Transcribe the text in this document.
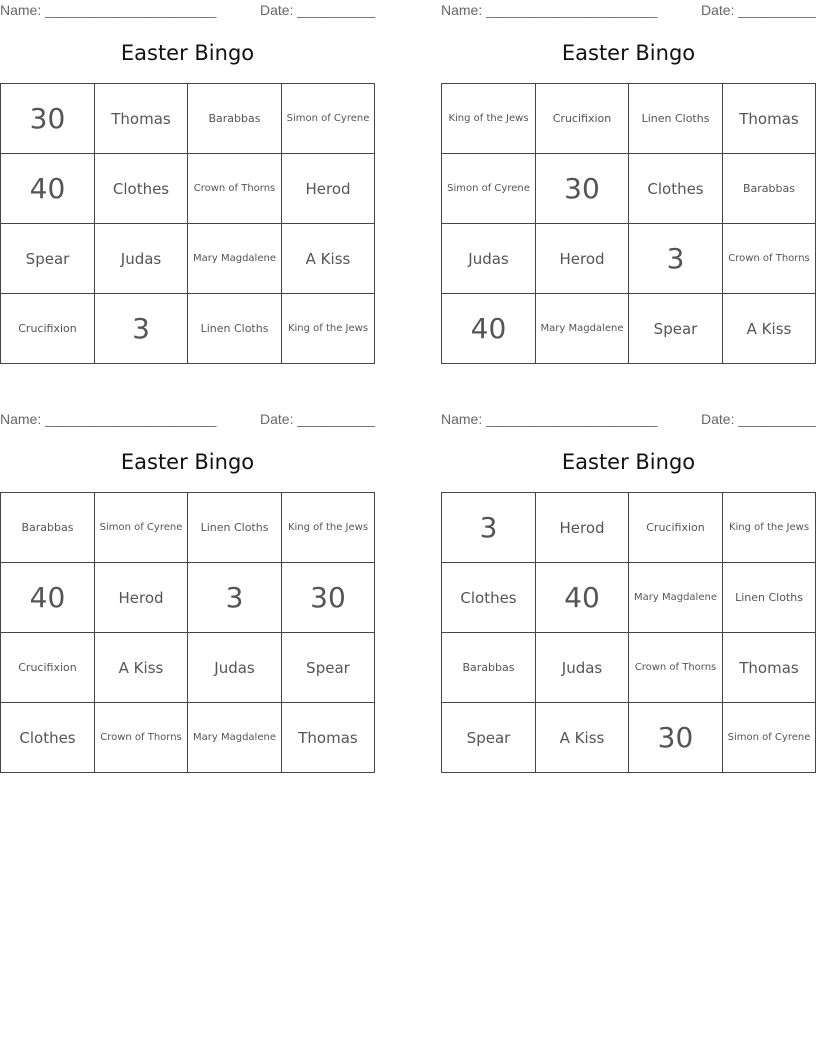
Name: ______________________	Date: __________
Easter Bingo
30	Thomas	Barabbas	Simon of Cyrene
40	Clothes	Crown of Thorns	Herod
Spear	Judas	Mary Magdalene	A Kiss
Crucifixion	3	Linen Cloths	King of the Jews
Name: ______________________	Date: __________
Easter Bingo
King of the Jews	Crucifixion	Linen Cloths	Thomas
Simon of Cyrene	30	Clothes	Barabbas
Judas	Herod	3	Crown of Thorns
40	Mary Magdalene	Spear	A Kiss
Name: ______________________	Date: __________
Easter Bingo
Barabbas	Simon of Cyrene	Linen Cloths	King of the Jews
40	Herod	3	30
Crucifixion	A Kiss	Judas	Spear
Clothes	Crown of Thorns	Mary Magdalene	Thomas
Name: ______________________	Date: __________
Easter Bingo
3	Herod	Crucifixion	King of the Jews
Clothes	40	Mary Magdalene	Linen Cloths
Barabbas	Judas	Crown of Thorns	Thomas
Spear	A Kiss	30	Simon of Cyrene
